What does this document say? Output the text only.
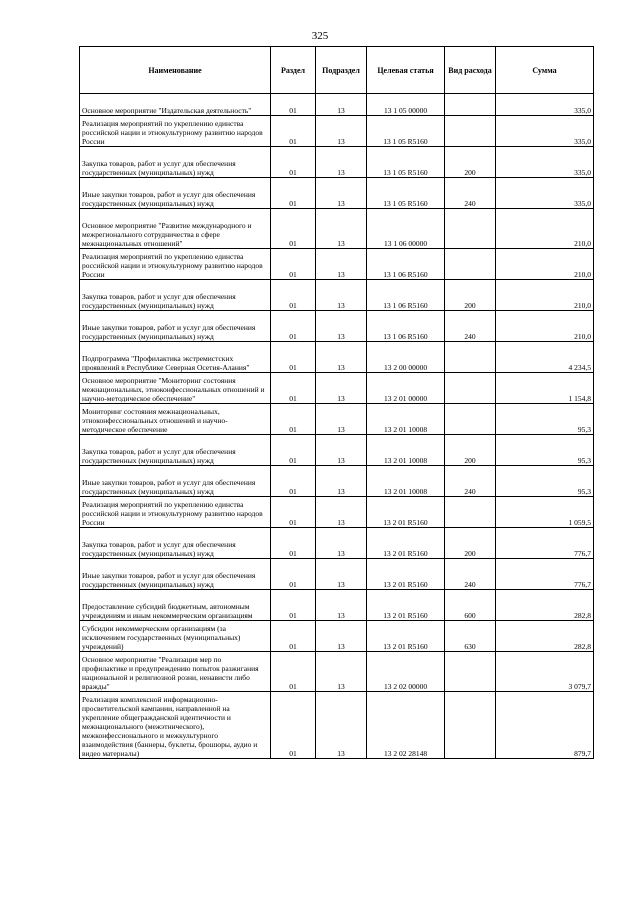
325
Наименование	Раздел	Подраздел	Целевая статья	Вид расхода	Сумма
Основное мероприятие "Издательская деятельность"	01	13	13 1 05 00000		335,0
Реализация мероприятий по укреплению единства российской нации и этнокультурному развитию народов России	01	13	13 1 05 R5160		335,0
Закупка товаров, работ и услуг для обеспечения государственных (муниципальных) нужд	01	13	13 1 05 R5160	200	335,0
Иные закупки товаров, работ и услуг для обеспечения государственных (муниципальных) нужд	01	13	13 1 05 R5160	240	335,0
Основное мероприятие "Развитие международного и межрегионального сотрудничества в сфере межнациональных отношений"	01	13	13 1 06 00000		210,0
Реализация мероприятий по укреплению единства российской нации и этнокультурному развитию народов России	01	13	13 1 06 R5160		210,0
Закупка товаров, работ и услуг для обеспечения государственных (муниципальных) нужд	01	13	13 1 06 R5160	200	210,0
Иные закупки товаров, работ и услуг для обеспечения государственных (муниципальных) нужд	01	13	13 1 06 R5160	240	210,0
Подпрограмма "Профилактика экстремистских проявлений в Республике Северная Осетия-Алания"	01	13	13 2 00 00000		4 234,5
Основное мероприятие "Мониторинг состояния межнациональных, этноконфессиональных отношений и научно-методическое обеспечение"	01	13	13 2 01 00000		1 154,8
Мониторинг состояния межнациональных, этноконфессиональных отношений и научно-методическое обеспечение	01	13	13 2 01 10008		95,3
Закупка товаров, работ и услуг для обеспечения государственных (муниципальных) нужд	01	13	13 2 01 10008	200	95,3
Иные закупки товаров, работ и услуг для обеспечения государственных (муниципальных) нужд	01	13	13 2 01 10008	240	95,3
Реализация мероприятий по укреплению единства российской нации и этнокультурному развитию народов России	01	13	13 2 01 R5160		1 059,5
Закупка товаров, работ и услуг для обеспечения государственных (муниципальных) нужд	01	13	13 2 01 R5160	200	776,7
Иные закупки товаров, работ и услуг для обеспечения государственных (муниципальных) нужд	01	13	13 2 01 R5160	240	776,7
Предоставление субсидий бюджетным, автономным учреждениям и иным некоммерческим организациям	01	13	13 2 01 R5160	600	282,8
Субсидии некоммерческим организациям (за исключением государственных (муниципальных) учреждений)	01	13	13 2 01 R5160	630	282,8
Основное мероприятие "Реализация мер по профилактике и предупреждению попыток разжигания национальной и религиозной розни, ненависти либо вражды"	01	13	13 2 02 00000		3 079,7
Реализация комплексной информационно-просветительской кампании, направленной на укрепление общегражданской идентичности и межнационального (межэтнического), межконфессионального и межкультурного взаимодействия (баннеры, буклеты, брошюры, аудио и видео материалы)	01	13	13 2 02 28148		879,7
